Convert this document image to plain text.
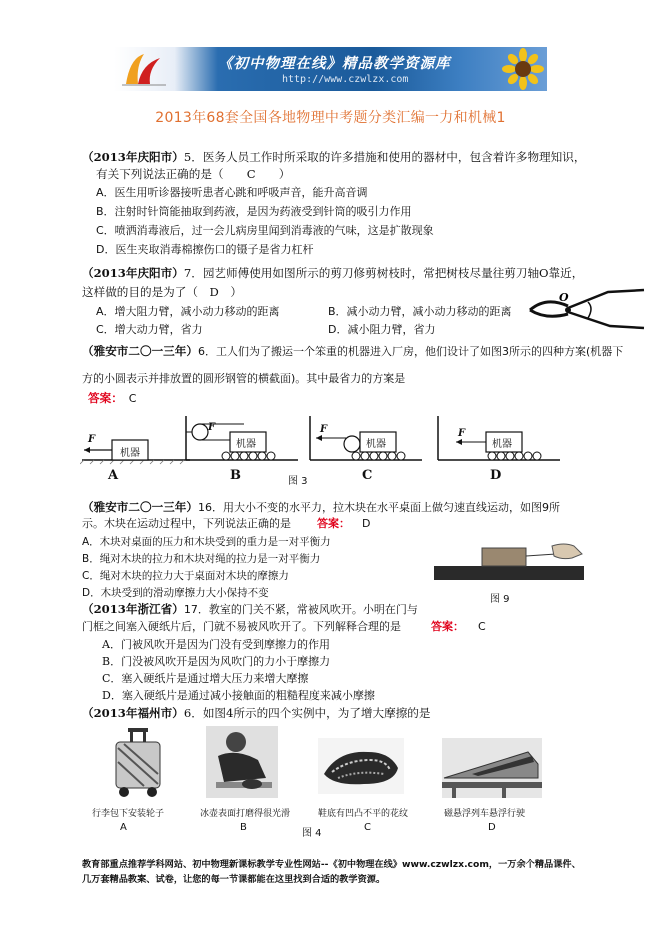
《初中物理在线》精品教学资源库
http://www.czwlzx.com
2013年68套全国各地物理中考题分类汇编一力和机械1
（2013年庆阳市）5．医务人员工作时所采取的许多措施和使用的器材中，包含着许多物理知识，
有关下列说法正确的是（　　C　　）
A．医生用听诊器接听患者心跳和呼吸声音，能升高音调
B．注射时针筒能抽取到药液，是因为药液受到针筒的吸引力作用
C．喷洒消毒液后，过一会儿病房里闻到消毒液的气味，这是扩散现象
D．医生夹取消毒棉擦伤口的镊子是省力杠杆
（2013年庆阳市）7．园艺师傅使用如图所示的剪刀修剪树枝时，常把树枝尽量往剪刀轴O靠近，
这样做的目的是为了（　D　）
A．增大阻力臂，减小动力移动的距离	B．减小动力臂，减小动力移动的距离
C．增大动力臂，省力	D．减小阻力臂，省力
O
（雅安市二〇一三年）6．工人们为了搬运一个笨重的机器进入厂房，他们设计了如图3所示的四种方案(机器下
方的小圆表示并排放置的圆形钢管的横截面)。其中最省力的方案是
答案： C
机器
F	机器
F
机器
F
机器
F
A	B	C	D
图 3
（雅安市二〇一三年）16．用大小不变的水平力，拉木块在水平桌面上做匀速直线运动，如图9所
示。木块在运动过程中，下列说法正确的是 答案： D
A．木块对桌面的压力和木块受到的重力是一对平衡力
B．绳对木块的拉力和木块对绳的拉力是一对平衡力
C．绳对木块的拉力大于桌面对木块的摩擦力
D．木块受到的滑动摩擦力大小保持不变
图 9
（2013年浙江省）17．教室的门关不紧，常被风吹开。小明在门与
门框之间塞入硬纸片后，门就不易被风吹开了。下列解释合理的是	答案： C
A．门被风吹开是因为门没有受到摩擦力的作用
B．门没被风吹开是因为风吹门的力小于摩擦力
C．塞入硬纸片是通过增大压力来增大摩擦
D．塞入硬纸片是通过减小接触面的粗糙程度来减小摩擦
（2013年福州市）6．如图4所示的四个实例中，为了增大摩擦的是
行李包下安装轮子	冰壶表面打磨得很光滑	鞋底有凹凸不平的花纹	磁悬浮列车悬浮行驶
A	B	C	D
图 4
教育部重点推荐学科网站、初中物理新课标教学专业性网站--《初中物理在线》www.czwlzx.com，一万余个精品课件、
几万套精品教案、试卷，让您的每一节课都能在这里找到合适的教学资源。
